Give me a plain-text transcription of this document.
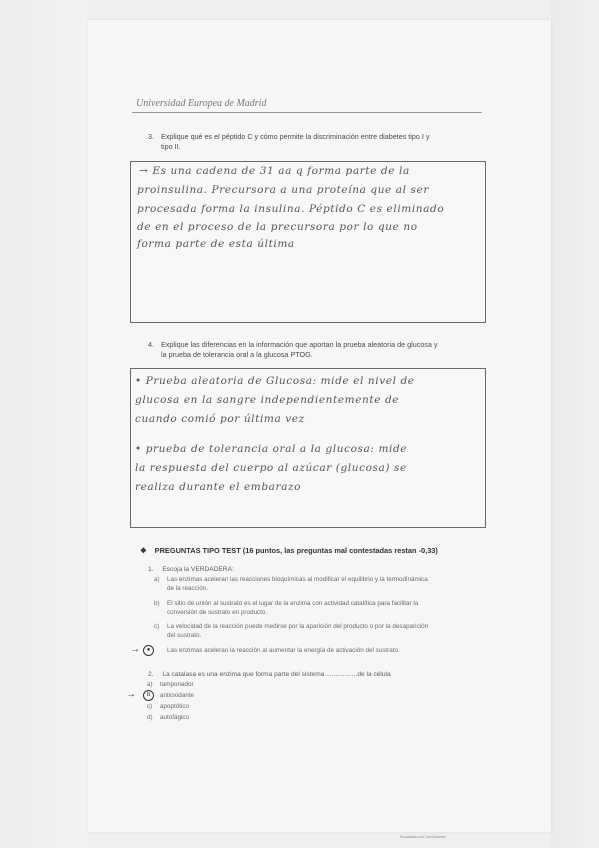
Universidad Europea de Madrid
3. Explique qué es el péptido C y cómo permite la discriminación entre diabetes tipo I y
tipo II.
→ Es una cadena de 31 aa q forma parte de la
proinsulina. Precursora a una proteína que al ser
procesada forma la insulina. Péptido C es eliminado
de en el proceso de la precursora por lo que no
forma parte de esta última
4. Explique las diferencias en la información que aportan la prueba aleatoria de glucosa y
la prueba de tolerancia oral a la glucosa PTOG.
• Prueba aleatoria de Glucosa: mide el nivel de
glucosa en la sangre independientemente de
cuando comió por última vez
• prueba de tolerancia oral a la glucosa: mide
la respuesta del cuerpo al azúcar (glucosa) se
realiza durante el embarazo
❖ PREGUNTAS TIPO TEST (16 puntos, las preguntas mal contestadas restan -0,33)
1. Escoja la VERDADERA:
a) Las enzimas aceleran las reacciones bioquímicas al modificar el equilibrio y la termodinámica
de la reacción.
b) El sitio de unión al sustrato es el lugar de la enzima con actividad catalítica para facilitar la
conversión de sustrato en producto.
c) La velocidad de la reacción puede medirse por la aparición del producto o por la desaparición
del sustrato.
→	●	Las enzimas aceleran la reacción al aumentar la energía de activación del sustrato.
2. La catalasa es una enzima que forma parte del sistema .................de la célula
a) tamponador
→	b	antioxidante
c) apoptótico
d) autofágico
Escaneado con CamScanner
